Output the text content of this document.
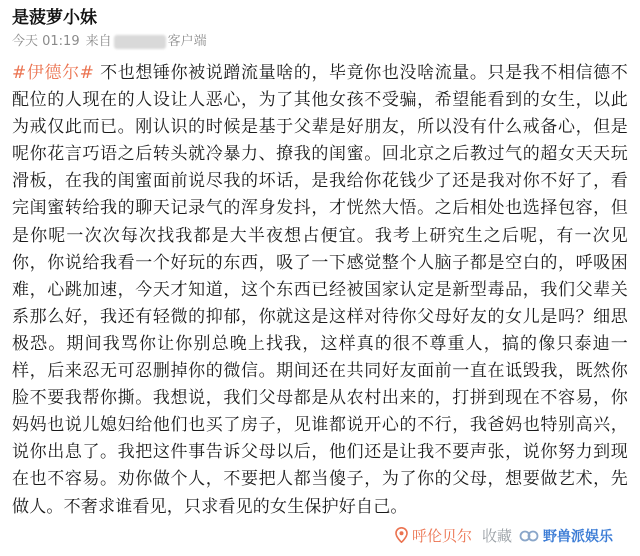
是菠萝小妹
今天 01:19 来自	客户端
#伊德尔# 不也想锤你被说蹭流量啥的，毕竟你也没啥流量。只是我不相信德不配位的人现在的人设让人恶心，为了其他女孩不受骗，希望能看到的女生，以此为戒仅此而已。刚认识的时候是基于父辈是好朋友，所以没有什么戒备心，但是呢你花言巧语之后转头就冷暴力、撩我的闺蜜。回北京之后教过气的超女天天玩滑板，在我的闺蜜面前说尽我的坏话，是我给你花钱少了还是我对你不好了，看完闺蜜转给我的聊天记录气的浑身发抖，才恍然大悟。之后相处也选择包容，但是你呢一次次每次找我都是大半夜想占便宜。我考上研究生之后呢，有一次见你，你说给我看一个好玩的东西，吸了一下感觉整个人脑子都是空白的，呼吸困难，心跳加速，今天才知道，这个东西已经被国家认定是新型毒品，我们父辈关系那么好，我还有轻微的抑郁，你就这是这样对待你父母好友的女儿是吗？细思极恐。期间我骂你让你别总晚上找我，这样真的很不尊重人，搞的像只泰迪一样，后来忍无可忍删掉你的微信。期间还在共同好友面前一直在诋毁我，既然你脸不要我帮你撕。我想说，我们父母都是从农村出来的，打拼到现在不容易，你妈妈也说儿媳妇给他们也买了房子，见谁都说开心的不行，我爸妈也特别高兴，说你出息了。我把这件事告诉父母以后，他们还是让我不要声张，说你努力到现在也不容易。劝你做个人，不要把人都当傻子，为了你的父母，想要做艺术，先做人。不奢求谁看见，只求看见的女生保护好自己。
呼伦贝尔 收藏 野兽派娱乐
